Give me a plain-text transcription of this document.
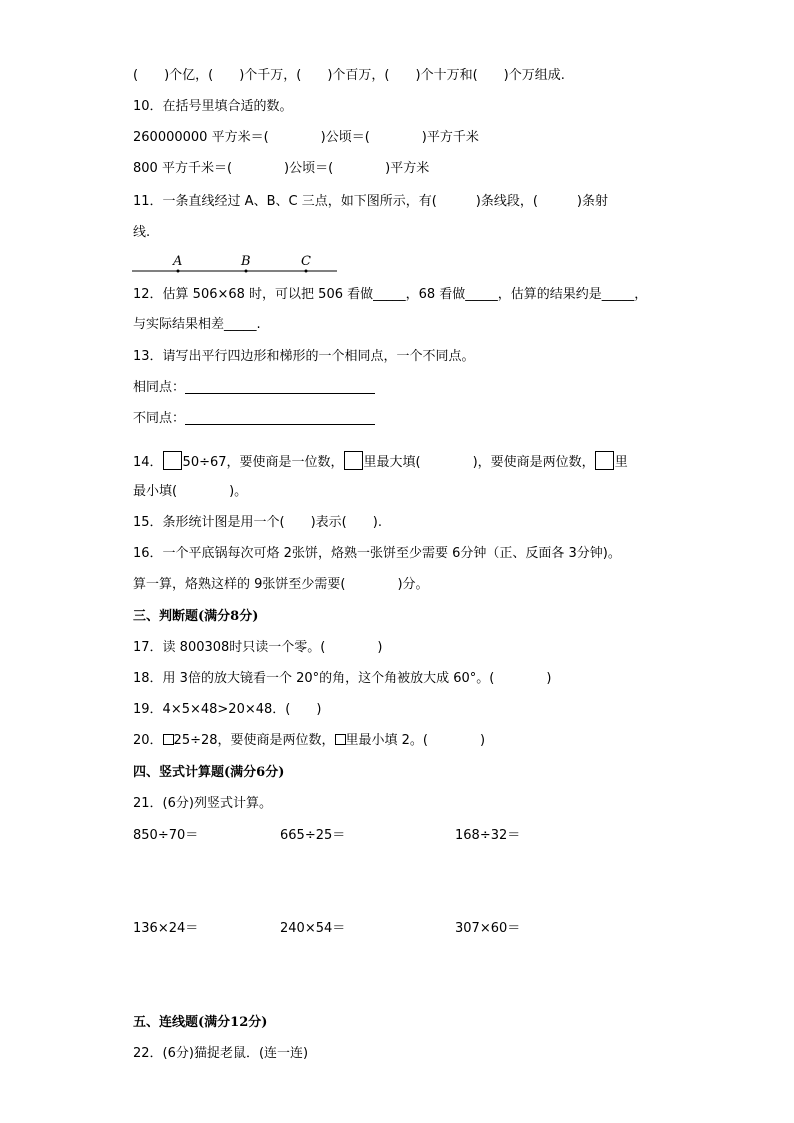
(　　)个亿，(　　)个千万，(　　)个百万，(　　)个十万和(　　)个万组成.
10．在括号里填合适的数。
260000000 平方米＝(　　　　)公顷＝(　　　　)平方千米
800 平方千米＝(　　　　)公顷＝(　　　　)平方米
11．一条直线经过 A、B、C 三点，如下图所示，有(　　　)条线段，(　　　)条射
线.
A	B	C
12．估算 506×68 时，可以把 506 看做_____，68 看做_____，估算的结果约是_____，
与实际结果相差_____.
13．请写出平行四边形和梯形的一个相同点，一个不同点。
相同点：
不同点：
14． 50÷67，要使商是一位数， 里最大填(　　　　)，要使商是两位数， 里
最小填(　　　　)。
15．条形统计图是用一个(　　)表示(　　).
16．一个平底锅每次可烙 2张饼，烙熟一张饼至少需要 6分钟（正、反面各 3分钟)。
算一算，烙熟这样的 9张饼至少需要(　　　　)分。
三、判断题(满分8分)
17．读 800308时只读一个零。(　　　　)
18．用 3倍的放大镜看一个 20°的角，这个角被放大成 60°。(　　　　)
19．4×5×48>20×48．(　　)
20． 25÷28，要使商是两位数， 里最小填 2。(　　　　)
四、竖式计算题(满分6分)
21．(6分)列竖式计算。
850÷70＝	665÷25＝	168÷32＝
136×24＝	240×54＝	307×60＝
五、连线题(满分12分)
22．(6分)猫捉老鼠．(连一连)
